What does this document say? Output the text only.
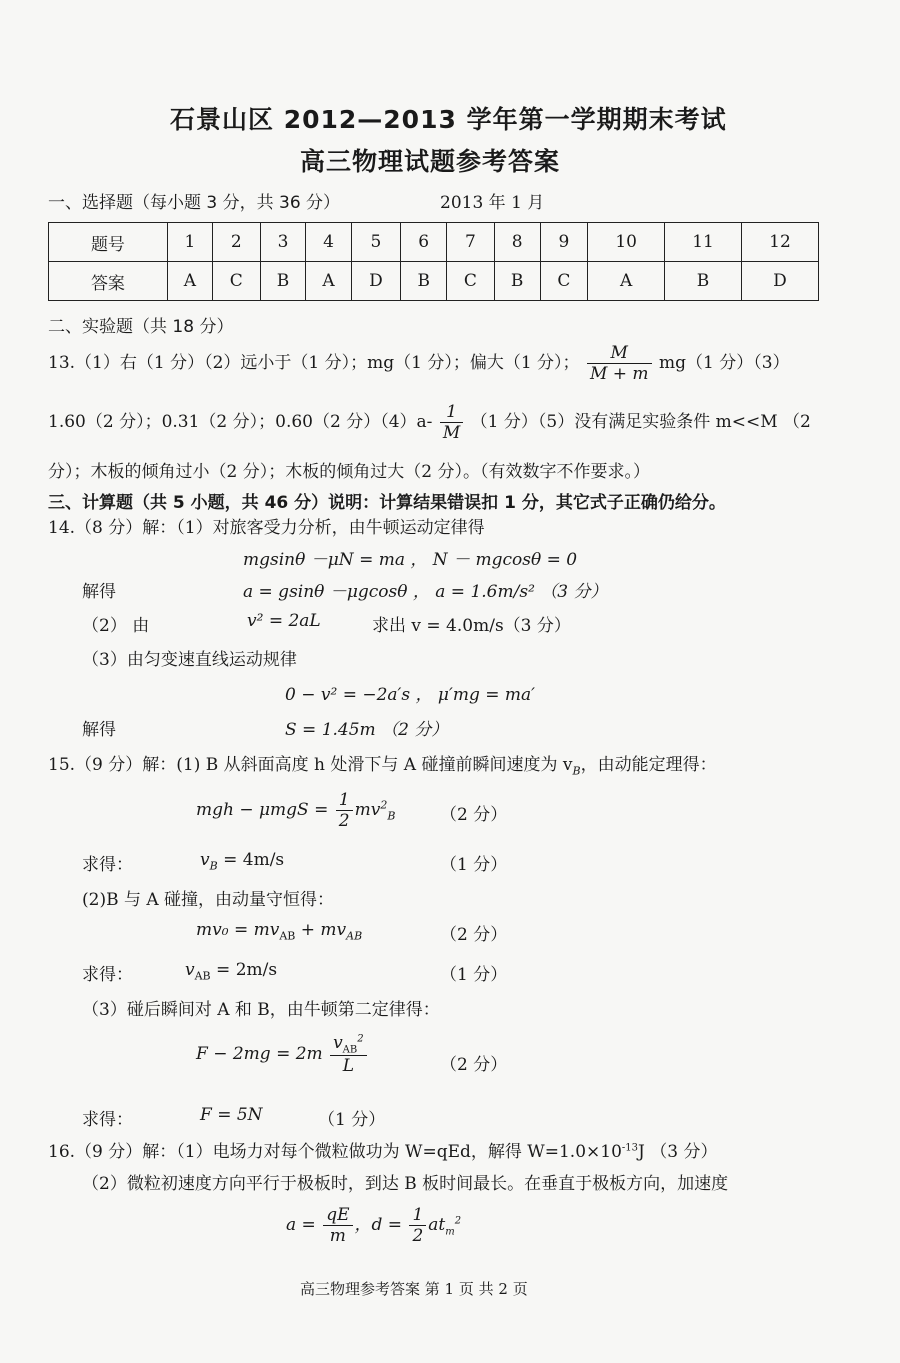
石景山区 2012—2013 学年第一学期期末考试
高三物理试题参考答案
一、选择题（每小题 3 分，共 36 分）	2013 年 1 月
题号	1	2	3	4	5	6	7	8	9	10	11	12
答案	A	C	B	A	D	B	C	B	C	A	B	D
二、实验题（共 18 分）
13.（1）右（1 分）（2）远小于（1 分）；mg（1 分）；偏大（1 分）； $\frac{M}{M + m} mg(1$ 分）（3）
1.60（2 分）；0.31（2 分）；0.60（2 分）$(4)a- \frac{1}{M} (1$ 分）（5）没有满足实验条件 m<<M （2
分）；木板的倾角过小（2 分）；木板的倾角过大（2 分）。（有效数字不作要求。）
三、计算题（共 5 小题，共 46 分）说明：计算结果错误扣 1 分，其它式子正确仍给分。
14.（8 分）解：（1）对旅客受力分析，由牛顿运动定律得
mgsinθ －μN = ma ， N － mgcosθ = 0
解得	a = gsinθ －μgcosθ ， a = 1.6m/s² （3 分）
（2） 由	v² = 2aL	求出 v = 4.0m/s（3 分）
（3）由匀变速直线运动规律
0 − v² = −2a′s ， μ′mg = ma′
解得	S = 1.45m （2 分）
15.（9 分）解：(1) B 从斜面高度 h 处滑下与 A 碰撞前瞬间速度为 $v_B$，由动能定理得：
mgh − $\mu mgS = \frac{1}{2} mv^2_B$	（2 分）
求得：	$v_B = 4m/s$	（1 分）
(2)B 与 A 碰撞，由动量守恒得：
$mv_0 = mv_{AB} + mv_{AB}$	（2 分）
求得：	$v_{AB} = 2m/s$	（1 分）
（3）碰后瞬间对 A 和 B，由牛顿第二定律得：
$F - 2mg = 2m \frac{v_{AB}^2}{L}$	（2 分）
求得：	F = 5N	（1 分）
16.（9 分）解：（1）电场力对每个微粒做功为 W=qEd，解得 $W=1.0\times 10^{-13}J$ （3 分）
（2）微粒初速度方向平行于极板时，到达 B 板时间最长。在垂直于极板方向，加速度
$a = \frac{qE}{m}$ ，$d = \frac{1}{2} at_m^2$
高三物理参考答案 第 1 页 共 2 页
